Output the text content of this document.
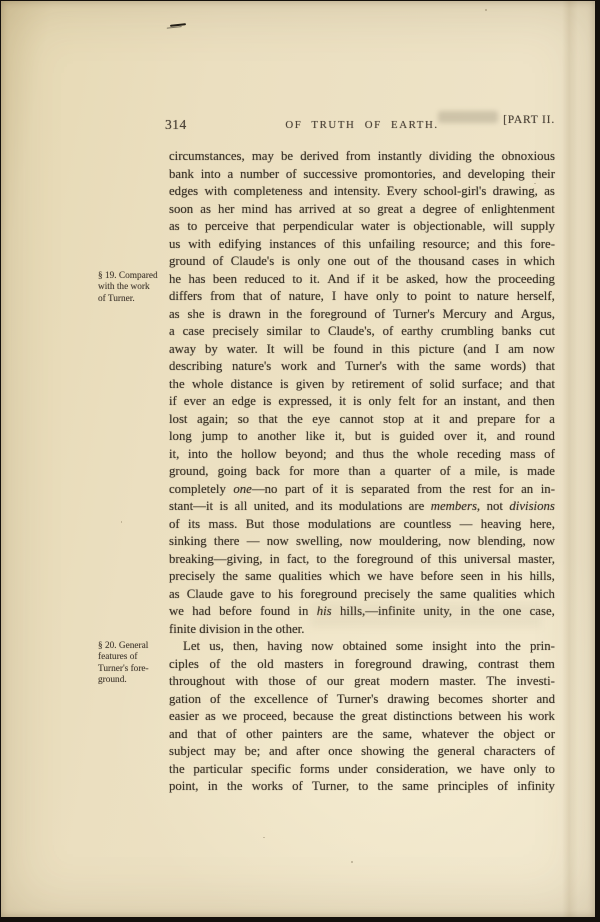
314	OF TRUTH OF EARTH.	[PART II.
§ 19. Compared
with the work
of Turner.
§ 20. General
features of
Turner's fore-
ground.
circumstances, may be derived from instantly dividing the obnoxious
bank into a number of successive promontories, and developing their
edges with completeness and intensity. Every school-girl's drawing, as
soon as her mind has arrived at so great a degree of enlightenment
as to perceive that perpendicular water is objectionable, will supply
us with edifying instances of this unfailing resource; and this fore-
ground of Claude's is only one out of the thousand cases in which
he has been reduced to it. And if it be asked, how the proceeding
differs from that of nature, I have only to point to nature herself,
as she is drawn in the foreground of Turner's Mercury and Argus,
a case precisely similar to Claude's, of earthy crumbling banks cut
away by water. It will be found in this picture (and I am now
describing nature's work and Turner's with the same words) that
the whole distance is given by retirement of solid surface; and that
if ever an edge is expressed, it is only felt for an instant, and then
lost again; so that the eye cannot stop at it and prepare for a
long jump to another like it, but is guided over it, and round
it, into the hollow beyond; and thus the whole receding mass of
ground, going back for more than a quarter of a mile, is made
completely one—no part of it is separated from the rest for an in-
stant—it is all united, and its modulations are members, not divisions
of its mass. But those modulations are countless — heaving here,
sinking there — now swelling, now mouldering, now blending, now
breaking—giving, in fact, to the foreground of this universal master,
precisely the same qualities which we have before seen in his hills,
as Claude gave to his foreground precisely the same qualities which
we had before found in his hills,—infinite unity, in the one case,
finite division in the other.
Let us, then, having now obtained some insight into the prin-
ciples of the old masters in foreground drawing, contrast them
throughout with those of our great modern master. The investi-
gation of the excellence of Turner's drawing becomes shorter and
easier as we proceed, because the great distinctions between his work
and that of other painters are the same, whatever the object or
subject may be; and after once showing the general characters of
the particular specific forms under consideration, we have only to
point, in the works of Turner, to the same principles of infinity
